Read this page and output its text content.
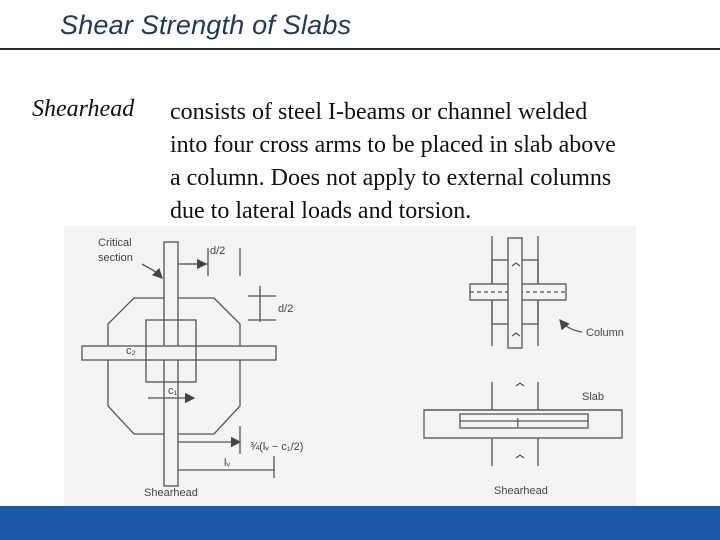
Shear Strength of Slabs
Shearhead consists of steel I-beams or channel welded
into four cross arms to be placed in slab above
a column. Does not apply to external columns
due to lateral loads and torsion.
I
Critical
section
d/2
d/2
c₂
c₁
¾(lᵥ − c₁/2)
lᵥ
Shearhead
Column
Slab
Shearhead
